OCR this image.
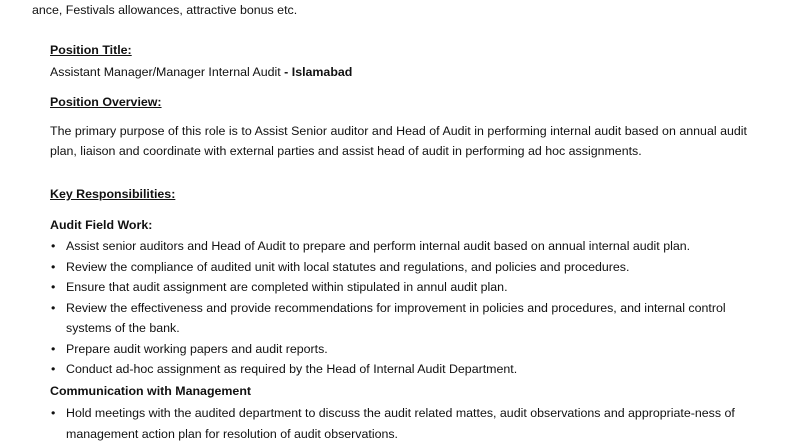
ance, Festivals allowances, attractive bonus etc.
Position Title:
Assistant Manager/Manager Internal Audit - Islamabad
Position Overview:
The primary purpose of this role is to Assist Senior auditor and Head of Audit in performing internal audit based on annual audit plan, liaison and coordinate with external parties and assist head of audit in performing ad hoc assignments.
Key Responsibilities:
Audit Field Work:
• Assist senior auditors and Head of Audit to prepare and perform internal audit based on annual internal audit plan.
• Review the compliance of audited unit with local statutes and regulations, and policies and procedures.
• Ensure that audit assignment are completed within stipulated in annul audit plan.
• Review the effectiveness and provide recommendations for improvement in policies and procedures, and internal control systems of the bank.
• Prepare audit working papers and audit reports.
• Conduct ad-hoc assignment as required by the Head of Internal Audit Department.
Communication with Management
• Hold meetings with the audited department to discuss the audit related mattes, audit observations and appropriate-ness of management action plan for resolution of audit observations.
